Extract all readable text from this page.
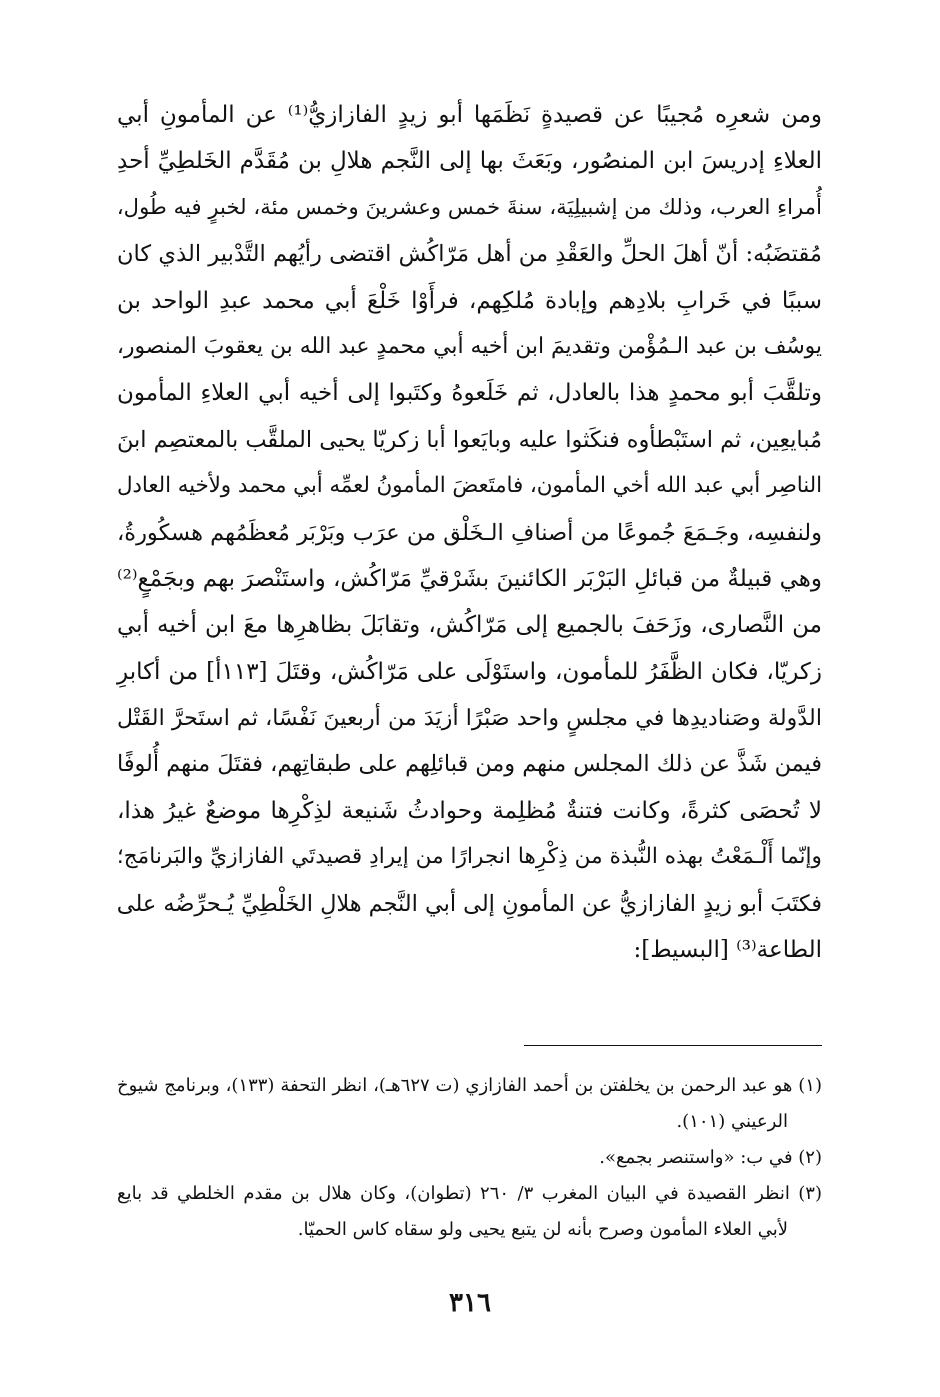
ومن شعرِه مُجيبًا عن قصيدةٍ نَظَمَها أبو زيدٍ الفازازيُّ⁽¹⁾ عن المأمونِ أبي
العلاءِ إدريسَ ابن المنصُور، وبَعَثَ بها إلى النَّجم هلالِ بن مُقَدَّم الخَلطِيِّ أحدِ
أُمراءِ العرب، وذلك من إشبيلِيَة، سنةَ خمس وعشرينَ وخمس مئة، لخبرٍ فيه طُول،
مُقتضَبُه: أنّ أهلَ الحلِّ والعَقْدِ من أهل مَرّاكُش اقتضى رأيُهم التَّدْبير الذي كان
سببًا في خَرابِ بلادِهم وإبادة مُلكِهم، فرأَوْا خَلْعَ أبي محمد عبدِ الواحد بن
يوسُف بن عبد الـمُؤْمن وتقديمَ ابن أخيه أبي محمدٍ عبد الله بن يعقوبَ المنصور،
وتلقَّبَ أبو محمدٍ هذا بالعادل، ثم خَلَعوهُ وكتَبوا إلى أخيه أبي العلاءِ المأمون
مُبايعِين، ثم استَبْطأوه فنكَثوا عليه وبايَعوا أبا زكريّا يحيى الملقَّب بالمعتصِم ابنَ
الناصِر أبي عبد الله أخي المأمون، فامتَعضَ المأمونُ لعمِّه أبي محمد ولأخيه العادل
ولنفسِه، وجَـمَعَ جُموعًا من أصنافِ الـخَلْق من عرَب وبَرْبَر مُعظَمُهم هسكُورةُ،
وهي قبيلةٌ من قبائلِ البَرْبَر الكائنينَ بشَرْقيِّ مَرّاكُش، واستَنْصرَ بهم وبجَمْعٍ⁽²⁾
من النَّصارى، وزَحَفَ بالجميع إلى مَرّاكُش، وتقابَلَ بظاهرِها معَ ابن أخيه أبي
زكريّا، فكان الظَّفَرُ للمأمون، واستَوْلَى على مَرّاكُش، وقتَلَ [١١٣أ] من أكابرِ
الدَّولة وصَناديدِها في مجلسٍ واحد صَبْرًا أزيَدَ من أربعينَ نَفْسًا، ثم استَحرَّ القَتْل
فيمن شَذَّ عن ذلك المجلس منهم ومن قبائلِهم على طبقاتِهم، فقتَلَ منهم أُلوفًا
لا تُحصَى كثرةً، وكانت فتنةٌ مُظلِمة وحوادثُ شَنيعة لذِكْرِها موضعٌ غيرُ هذا،
وإنّما أَلْـمَعْتُ بهذه النُّبذة من ذِكْرِها انجرارًا من إيرادِ قصيدتَي الفازازيِّ والبَرنامَج؛
فكتَبَ أبو زيدٍ الفازازيُّ عن المأمونِ إلى أبي النَّجم هلالِ الخَلْطِيِّ يُـحرِّضُه على
الطاعة⁽³⁾ [البسيط]:
(١) هو عبد الرحمن بن يخلفتن بن أحمد الفازازي (ت ٦٢٧هـ)، انظر التحفة (١٣٣)، وبرنامج شيوخ
الرعيني (١٠١).
(٢) في ب: «واستنصر بجمع».
(٣) انظر القصيدة في البيان المغرب ٣/ ٢٦٠ (تطوان)، وكان هلال بن مقدم الخلطي قد بايع
لأبي العلاء المأمون وصرح بأنه لن يتبع يحيى ولو سقاه كاس الحميّا.
٣١٦
